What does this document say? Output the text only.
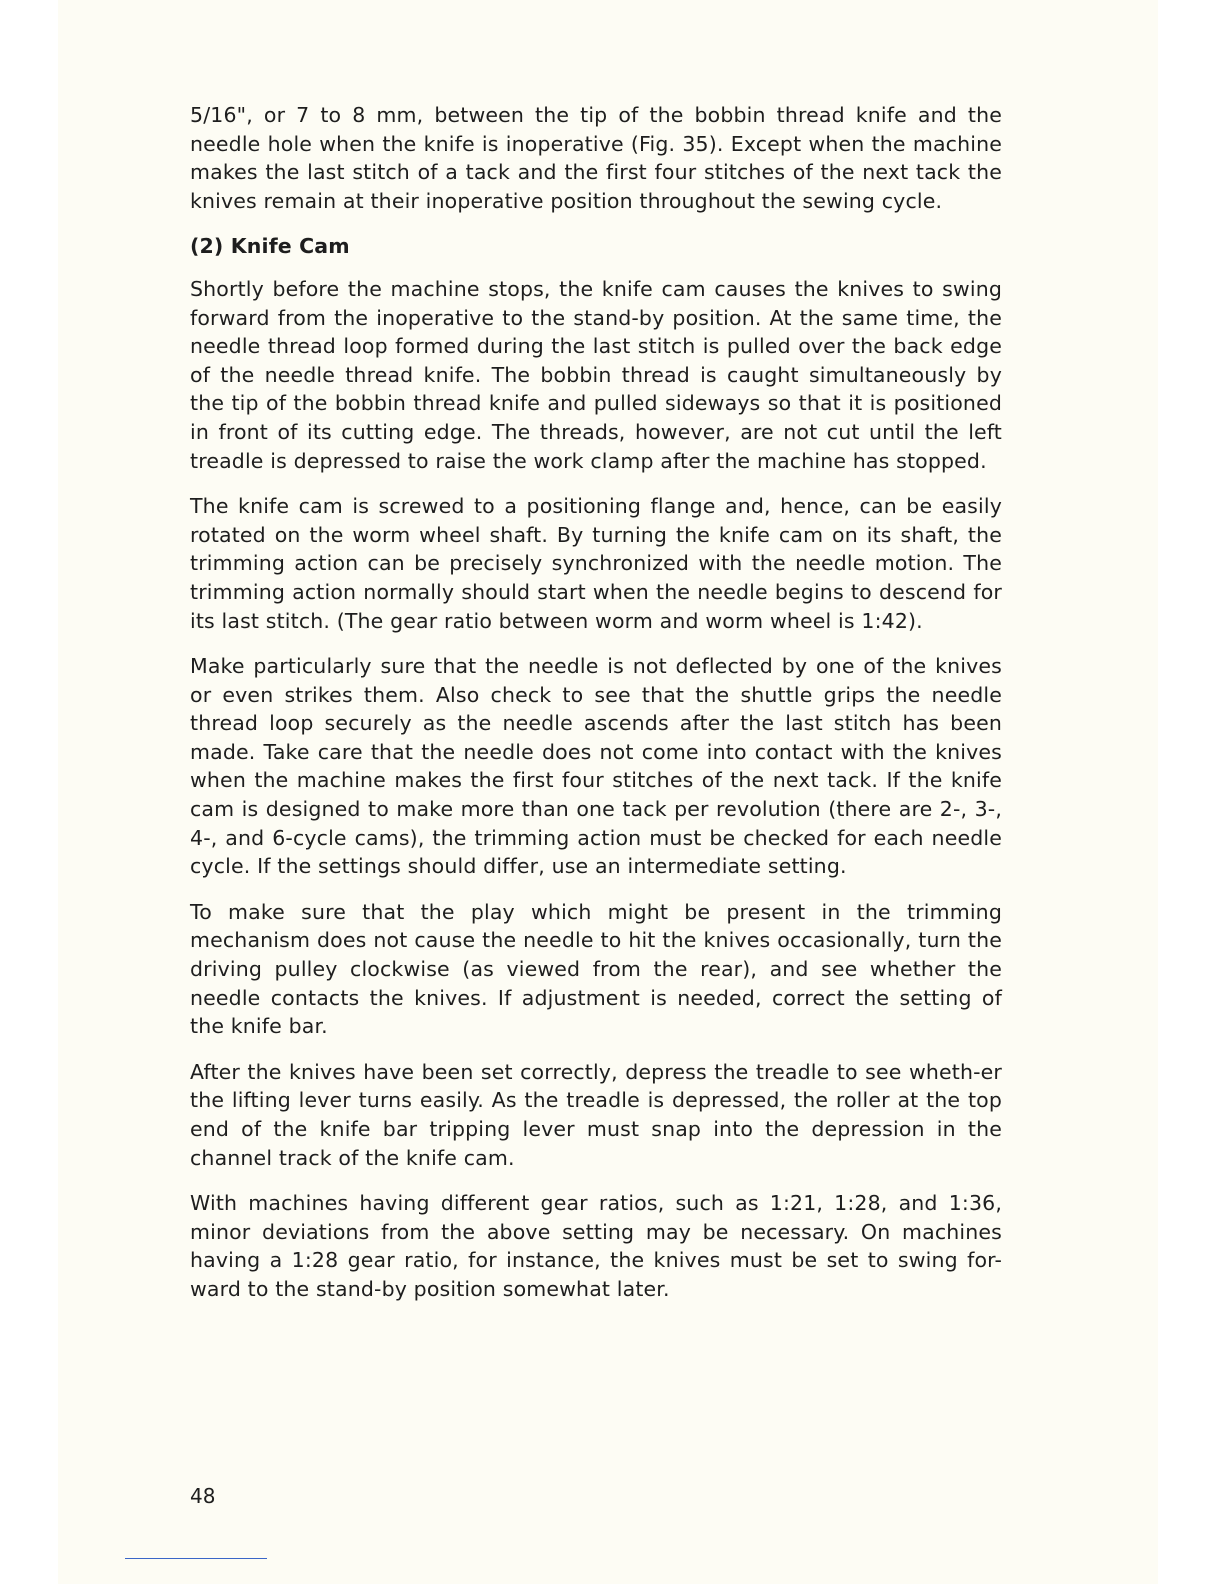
5/16", or 7 to 8 mm, between the tip of the bobbin thread knife and the needle hole when the knife is inoperative (Fig. 35). Except when the machine makes the last stitch of a tack and the first four stitches of the next tack the knives remain at their inoperative position throughout the sewing cycle.

(2) Knife Cam

Shortly before the machine stops, the knife cam causes the knives to swing forward from the inoperative to the stand-by position. At the same time, the needle thread loop formed during the last stitch is pulled over the back edge of the needle thread knife. The bobbin thread is caught simultaneously by the tip of the bobbin thread knife and pulled sideways so that it is positioned in front of its cutting edge. The threads, however, are not cut until the left treadle is depressed to raise the work clamp after the machine has stopped.

The knife cam is screwed to a positioning flange and, hence, can be easily rotated on the worm wheel shaft. By turning the knife cam on its shaft, the trimming action can be precisely synchronized with the needle motion. The trimming action normally should start when the needle begins to descend for its last stitch. (The gear ratio between worm and worm wheel is 1:42).

Make particularly sure that the needle is not deflected by one of the knives or even strikes them. Also check to see that the shuttle grips the needle thread loop securely as the needle ascends after the last stitch has been made. Take care that the needle does not come into contact with the knives when the machine makes the first four stitches of the next tack. If the knife cam is designed to make more than one tack per revolution (there are 2-, 3-, 4-, and 6-cycle cams), the trimming action must be checked for each needle cycle. If the settings should differ, use an intermediate setting.

To make sure that the play which might be present in the trimming mechanism does not cause the needle to hit the knives occasionally, turn the driving pulley clockwise (as viewed from the rear), and see whether the needle contacts the knives. If adjustment is needed, correct the setting of the knife bar.

After the knives have been set correctly, depress the treadle to see wheth-er the lifting lever turns easily. As the treadle is depressed, the roller at the top end of the knife bar tripping lever must snap into the depression in the channel track of the knife cam.

With machines having different gear ratios, such as 1:21, 1:28, and 1:36, minor deviations from the above setting may be necessary. On machines having a 1:28 gear ratio, for instance, the knives must be set to swing for-ward to the stand-by position somewhat later.

48
